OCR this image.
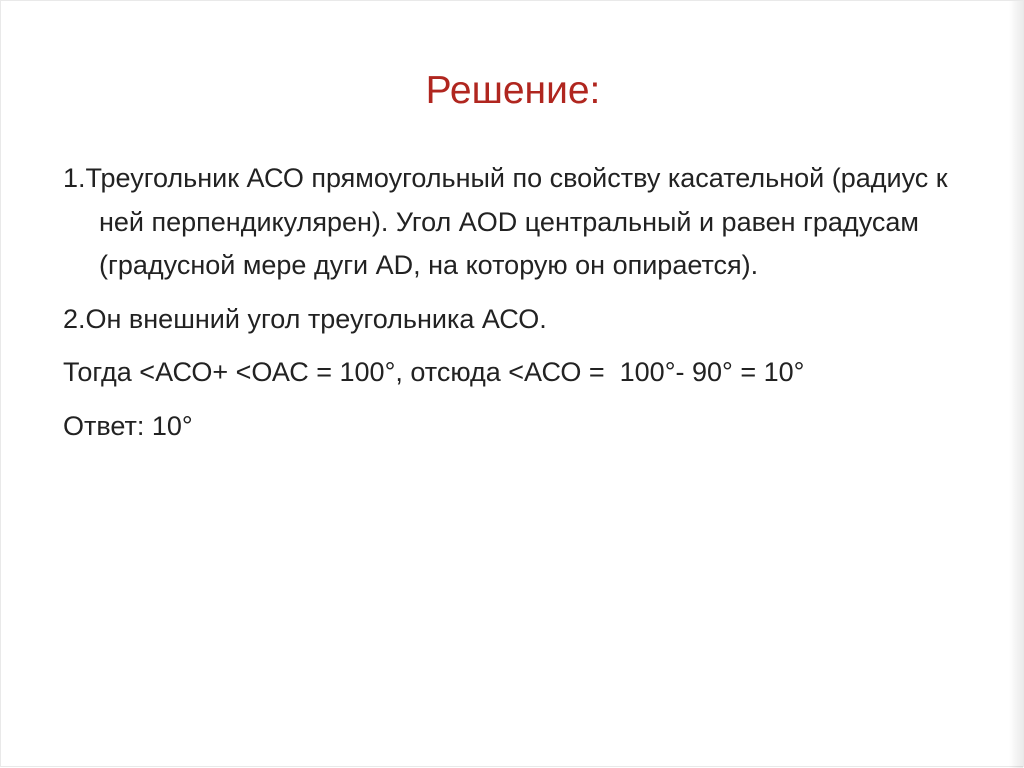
Решение:
1.Треугольник АСО прямоугольный по свойству касательной (радиус к ней перпендикулярен). Угол AOD центральный и равен градусам (градусной мере дуги AD, на которую он опирается).
2.Он внешний угол треугольника АСО.
Тогда <АСО+ <ОАС = 100°, отсюда <АСО =  100°- 90° = 10°
Ответ: 10°
